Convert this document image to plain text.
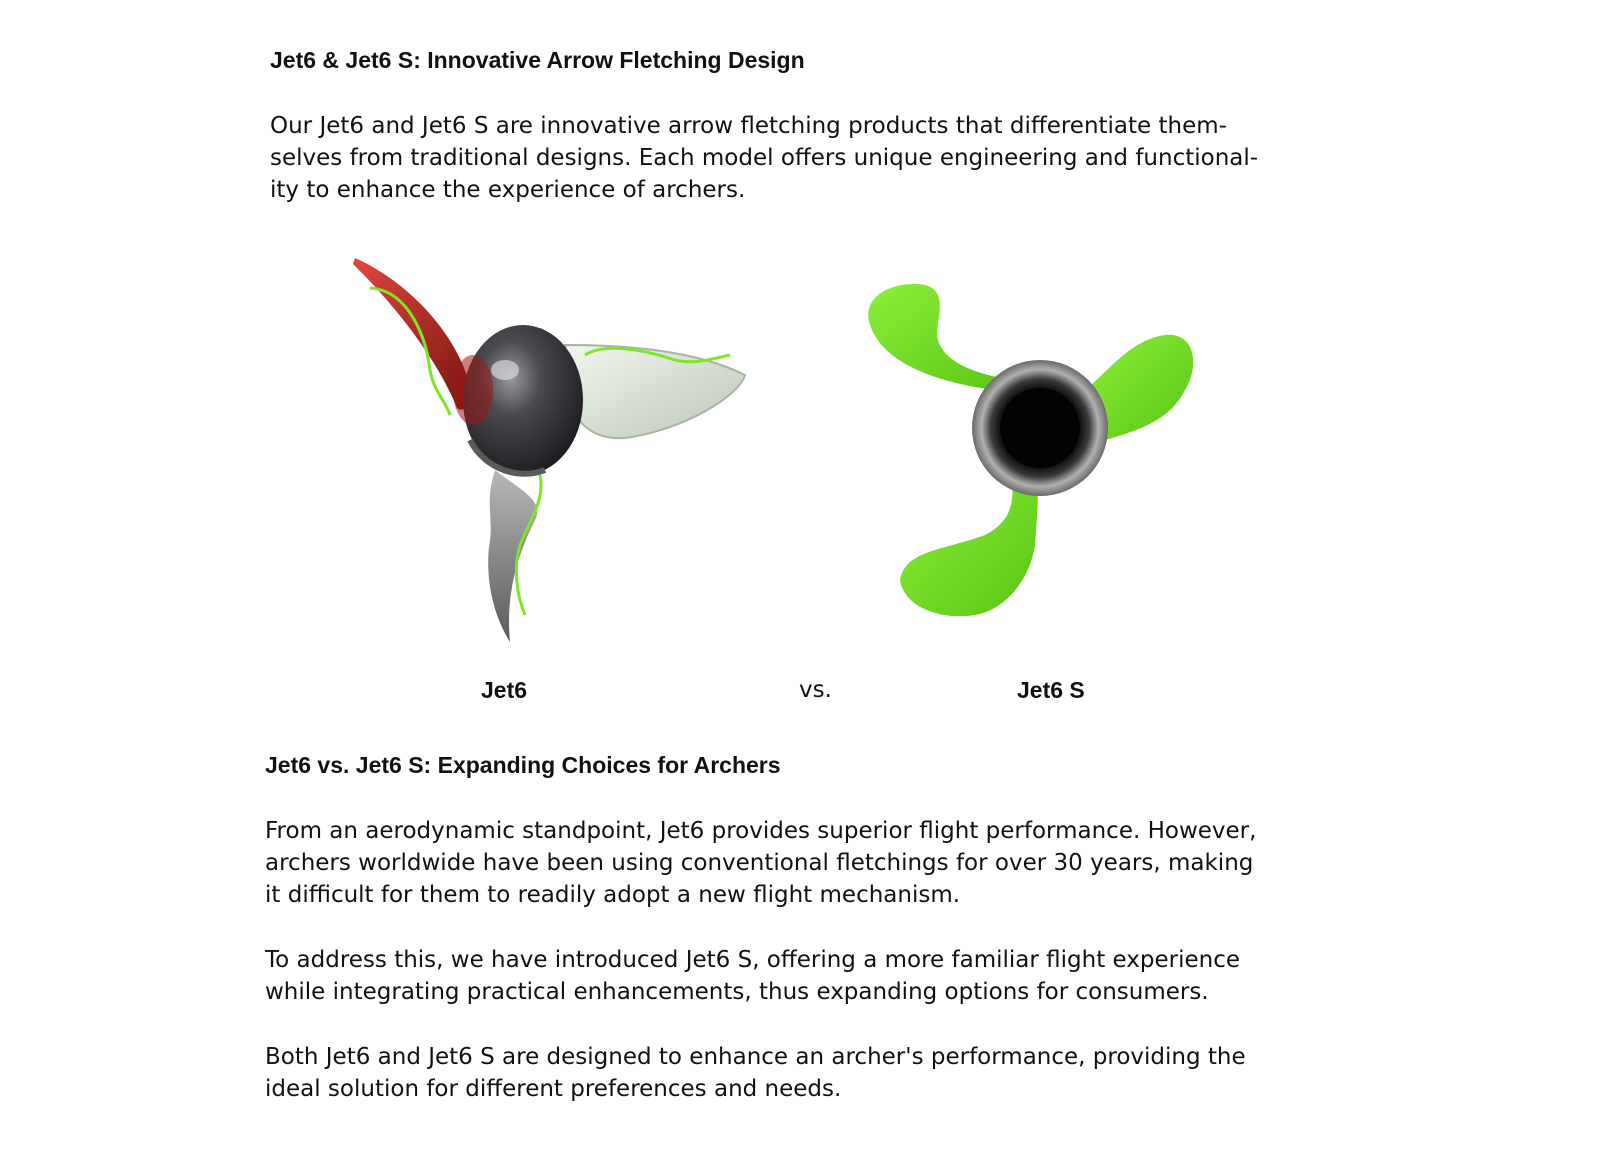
Jet6 & Jet6 S: Innovative Arrow Fletching Design
Our Jet6 and Jet6 S are innovative arrow fletching products that differentiate them-
selves from traditional designs. Each model offers unique engineering and functional-
ity to enhance the experience of archers.
Jet6	vs.	Jet6 S
Jet6 vs. Jet6 S: Expanding Choices for Archers
From an aerodynamic standpoint, Jet6 provides superior flight performance. However,
archers worldwide have been using conventional fletchings for over 30 years, making
it difficult for them to readily adopt a new flight mechanism.
To address this, we have introduced Jet6 S, offering a more familiar flight experience
while integrating practical enhancements, thus expanding options for consumers.
Both Jet6 and Jet6 S are designed to enhance an archer's performance, providing the
ideal solution for different preferences and needs.
